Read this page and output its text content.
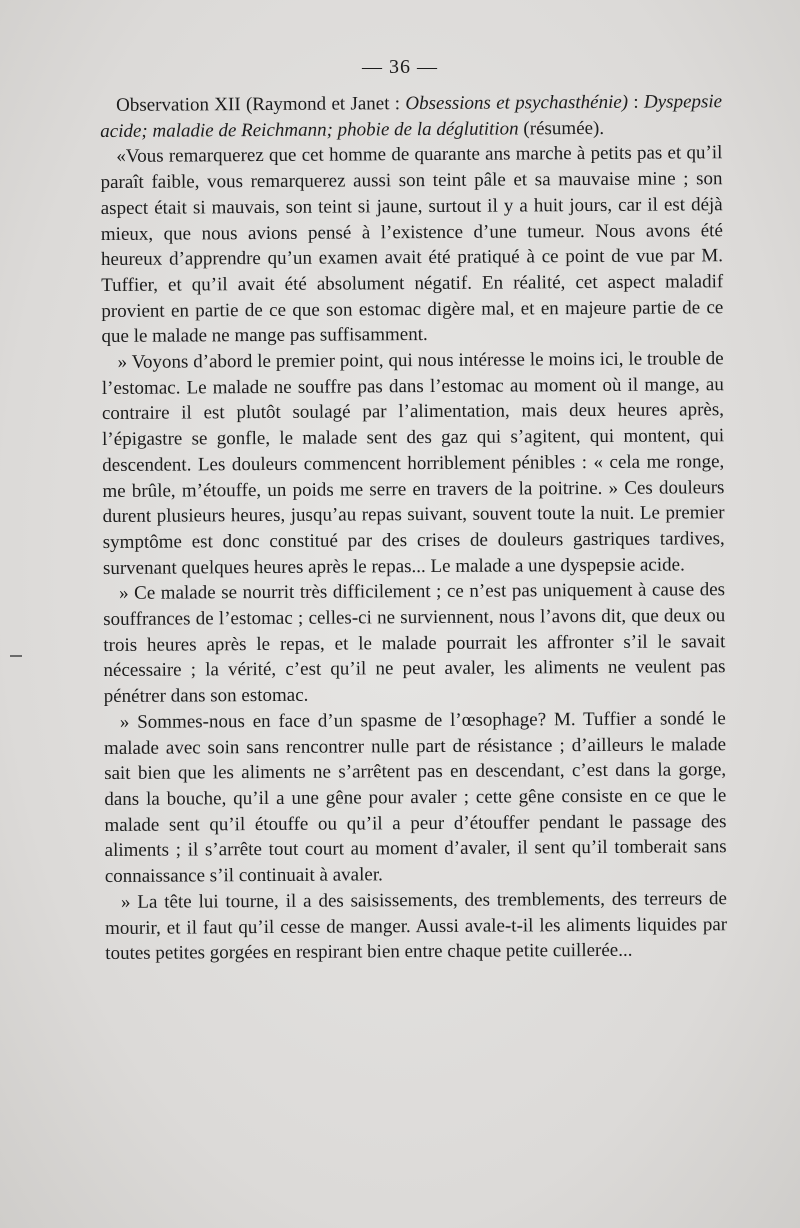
— 36 —

Observation XII (Raymond et Janet : Obsessions et psychasthénie) : Dyspepsie acide; maladie de Reichmann; phobie de la déglutition (résumée).

«Vous remarquerez que cet homme de quarante ans marche à petits pas et qu’il paraît faible, vous remarquerez aussi son teint pâle et sa mauvaise mine ; son aspect était si mauvais, son teint si jaune, surtout il y a huit jours, car il est déjà mieux, que nous avions pensé à l’existence d’une tumeur. Nous avons été heureux d’apprendre qu’un examen avait été pratiqué à ce point de vue par M. Tuffier, et qu’il avait été absolument négatif. En réalité, cet aspect maladif provient en partie de ce que son estomac digère mal, et en majeure partie de ce que le malade ne mange pas suffisamment.

» Voyons d’abord le premier point, qui nous intéresse le moins ici, le trouble de l’estomac. Le malade ne souffre pas dans l’estomac au moment où il mange, au contraire il est plutôt soulagé par l’alimentation, mais deux heures après, l’épigastre se gonfle, le malade sent des gaz qui s’agitent, qui montent, qui descendent. Les douleurs commencent horriblement pénibles : « cela me ronge, me brûle, m’étouffe, un poids me serre en travers de la poitrine. » Ces douleurs durent plusieurs heures, jusqu’au repas suivant, souvent toute la nuit. Le premier symptôme est donc constitué par des crises de douleurs gastriques tardives, survenant quelques heures après le repas... Le malade a une dyspepsie acide.

» Ce malade se nourrit très difficilement ; ce n’est pas uniquement à cause des souffrances de l’estomac ; celles-ci ne surviennent, nous l’avons dit, que deux ou trois heures après le repas, et le malade pourrait les affronter s’il le savait nécessaire ; la vérité, c’est qu’il ne peut avaler, les aliments ne veulent pas pénétrer dans son estomac.

» Sommes-nous en face d’un spasme de l’œsophage? M. Tuffier a sondé le malade avec soin sans rencontrer nulle part de résistance ; d’ailleurs le malade sait bien que les aliments ne s’arrêtent pas en descendant, c’est dans la gorge, dans la bouche, qu’il a une gêne pour avaler ; cette gêne consiste en ce que le malade sent qu’il étouffe ou qu’il a peur d’étouffer pendant le passage des aliments ; il s’arrête tout court au moment d’avaler, il sent qu’il tomberait sans connaissance s’il continuait à avaler.

» La tête lui tourne, il a des saisissements, des tremblements, des terreurs de mourir, et il faut qu’il cesse de manger. Aussi avale-t-il les aliments liquides par toutes petites gorgées en respirant bien entre chaque petite cuillerée...
